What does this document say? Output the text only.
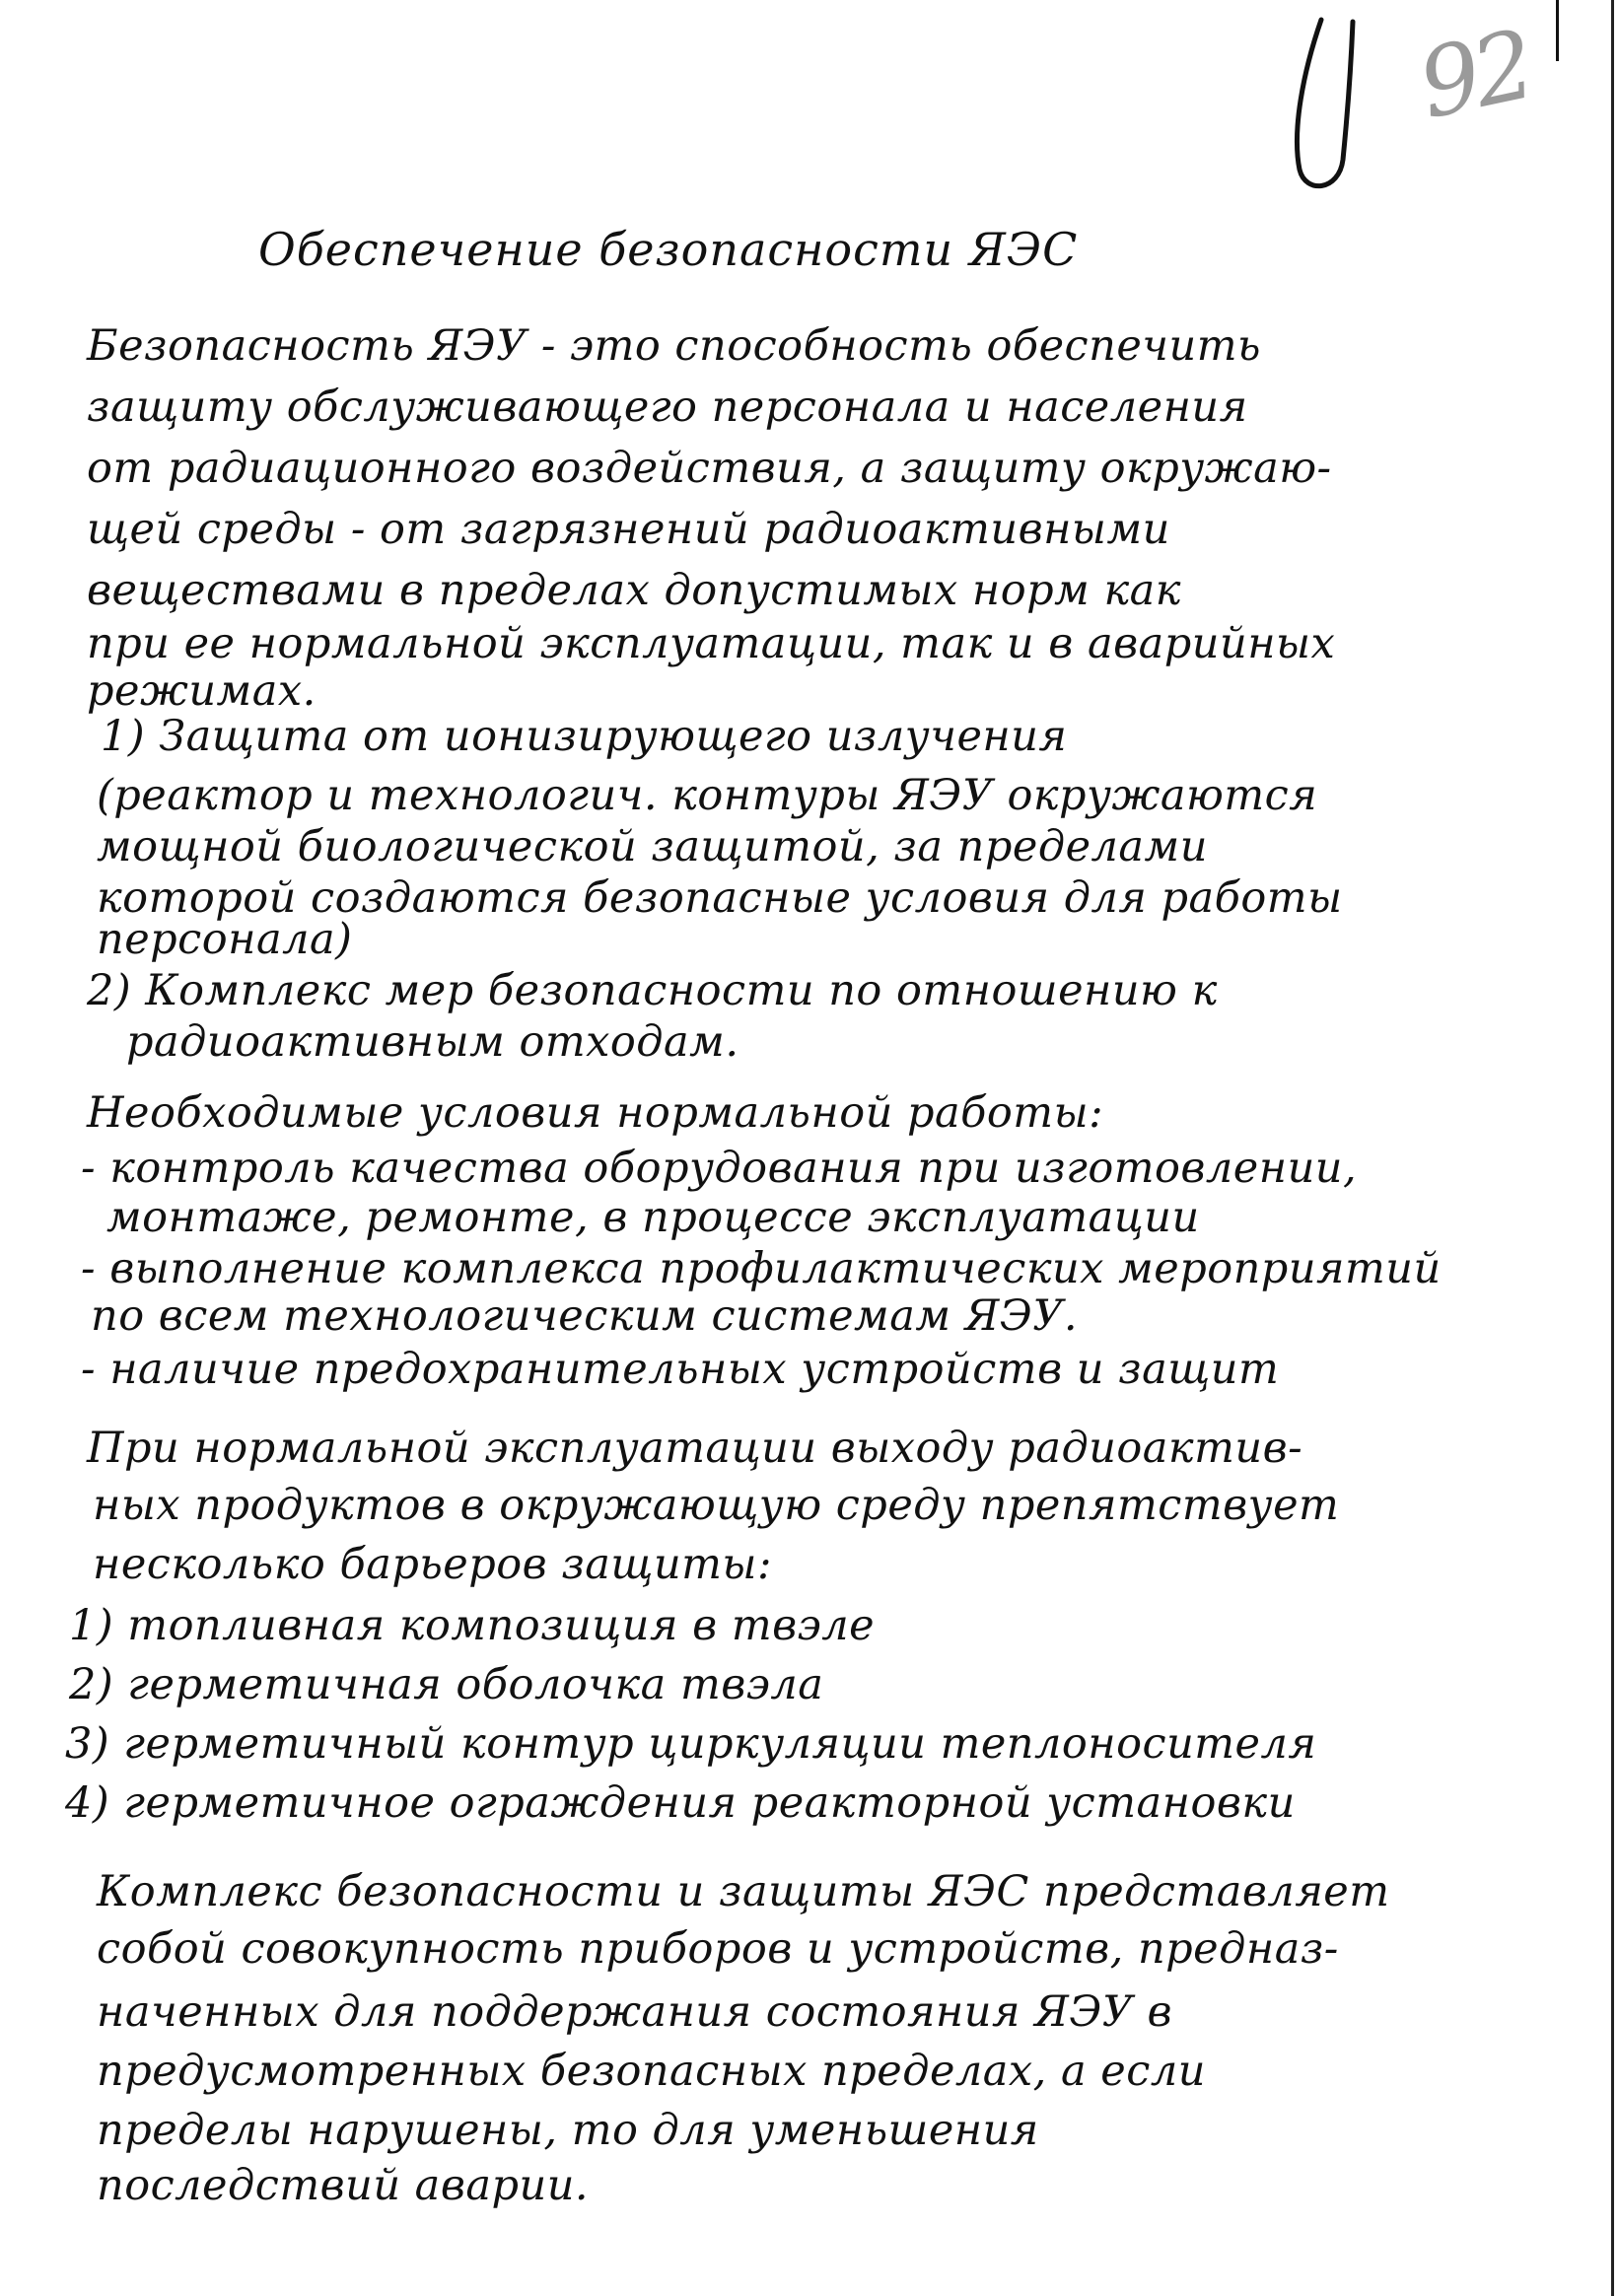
92
Обеспечение безопасности ЯЭС
Безопасность ЯЭУ - это способность обеспечить
защиту обслуживающего персонала и населения
от радиационного воздействия, а защиту окружаю-
щей среды - от загрязнений радиоактивными
веществами в пределах допустимых норм как
при ее нормальной эксплуатации, так и в аварийных
режимах.
1) Защита от ионизирующего излучения
(реактор и технологич. контуры ЯЭУ окружаются
мощной биологической защитой, за пределами
которой создаются безопасные условия для работы
персонала)
2) Комплекс мер безопасности по отношению к
радиоактивным отходам.
Необходимые условия нормальной работы:
- контроль качества оборудования при изготовлении,
монтаже, ремонте, в процессе эксплуатации
- выполнение комплекса профилактических мероприятий
по всем технологическим системам ЯЭУ.
- наличие предохранительных устройств и защит
При нормальной эксплуатации выходу радиоактив-
ных продуктов в окружающую среду препятствует
несколько барьеров защиты:
1) топливная композиция в твэле
2) герметичная оболочка твэла
3) герметичный контур циркуляции теплоносителя
4) герметичное ограждения реакторной установки
Комплекс безопасности и защиты ЯЭС представляет
собой совокупность приборов и устройств, предназ-
наченных для поддержания состояния ЯЭУ в
предусмотренных безопасных пределах, а если
пределы нарушены, то для уменьшения
последствий аварии.
